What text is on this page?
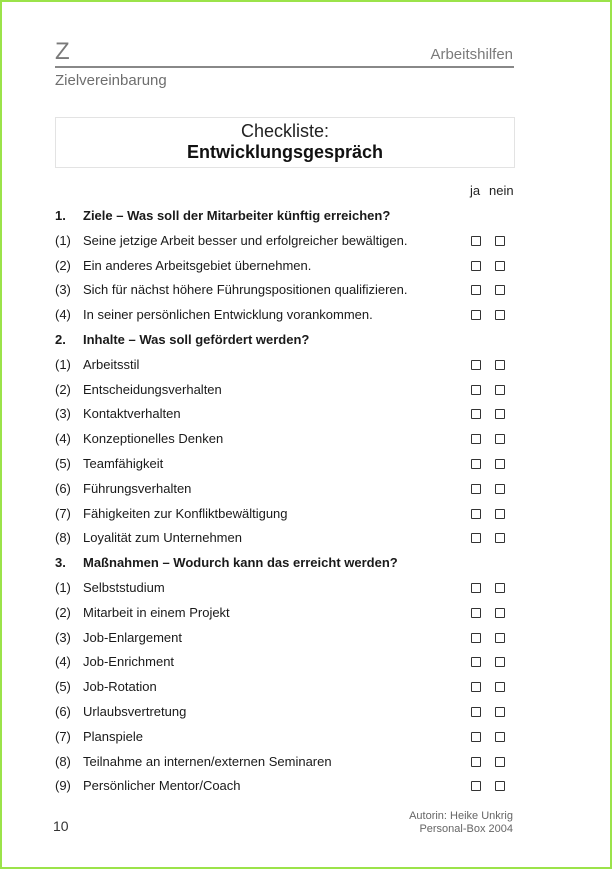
Z	Arbeitshilfen
Zielvereinbarung
Checkliste:
Entwicklungsgespräch
ja nein
1. Ziele – Was soll der Mitarbeiter künftig erreichen?
(1) Seine jetzige Arbeit besser und erfolgreicher bewältigen.
(2) Ein anderes Arbeitsgebiet übernehmen.
(3) Sich für nächst höhere Führungspositionen qualifizieren.
(4) In seiner persönlichen Entwicklung vorankommen.
2. Inhalte – Was soll gefördert werden?
(1) Arbeitsstil
(2) Entscheidungsverhalten
(3) Kontaktverhalten
(4) Konzeptionelles Denken
(5) Teamfähigkeit
(6) Führungsverhalten
(7) Fähigkeiten zur Konfliktbewältigung
(8) Loyalität zum Unternehmen
3. Maßnahmen – Wodurch kann das erreicht werden?
(1) Selbststudium
(2) Mitarbeit in einem Projekt
(3) Job-Enlargement
(4) Job-Enrichment
(5) Job-Rotation
(6) Urlaubsvertretung
(7) Planspiele
(8) Teilnahme an internen/externen Seminaren
(9) Persönlicher Mentor/Coach
10
Autorin: Heike Unkrig
Personal-Box 2004
